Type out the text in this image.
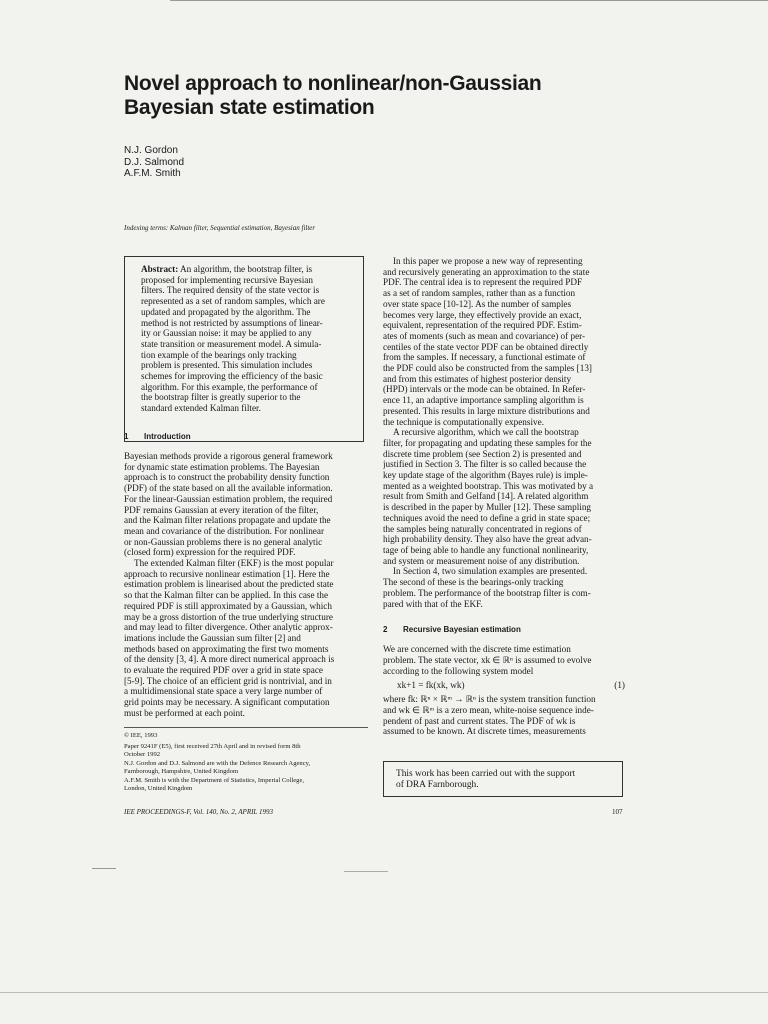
Novel approach to nonlinear/non-Gaussian
Bayesian state estimation
N.J. Gordon
D.J. Salmond
A.F.M. Smith
Indexing terms: Kalman filter, Sequential estimation, Bayesian filter
Abstract: An algorithm, the bootstrap filter, is
proposed for implementing recursive Bayesian
filters. The required density of the state vector is
represented as a set of random samples, which are
updated and propagated by the algorithm. The
method is not restricted by assumptions of linear-
ity or Gaussian noise: it may be applied to any
state transition or measurement model. A simula-
tion example of the bearings only tracking
problem is presented. This simulation includes
schemes for improving the efficiency of the basic
algorithm. For this example, the performance of
the bootstrap filter is greatly superior to the
standard extended Kalman filter.
1 Introduction
Bayesian methods provide a rigorous general framework
for dynamic state estimation problems. The Bayesian
approach is to construct the probability density function
(PDF) of the state based on all the available information.
For the linear-Gaussian estimation problem, the required
PDF remains Gaussian at every iteration of the filter,
and the Kalman filter relations propagate and update the
mean and covariance of the distribution. For nonlinear
or non-Gaussian problems there is no general analytic
(closed form) expression for the required PDF.
The extended Kalman filter (EKF) is the most popular
approach to recursive nonlinear estimation [1]. Here the
estimation problem is linearised about the predicted state
so that the Kalman filter can be applied. In this case the
required PDF is still approximated by a Gaussian, which
may be a gross distortion of the true underlying structure
and may lead to filter divergence. Other analytic approx-
imations include the Gaussian sum filter [2] and
methods based on approximating the first two moments
of the density [3, 4]. A more direct numerical approach is
to evaluate the required PDF over a grid in state space
[5-9]. The choice of an efficient grid is nontrivial, and in
a multidimensional state space a very large number of
grid points may be necessary. A significant computation
must be performed at each point.
© IEE, 1993
Paper 9241F (E5), first received 27th April and in revised form 8th
October 1992
N.J. Gordon and D.J. Salmond are with the Defence Research Agency,
Farnborough, Hampshire, United Kingdom
A.F.M. Smith is with the Department of Statistics, Imperial College,
London, United Kingdom
IEE PROCEEDINGS-F, Vol. 140, No. 2, APRIL 1993	107
In this paper we propose a new way of representing
and recursively generating an approximation to the state
PDF. The central idea is to represent the required PDF
as a set of random samples, rather than as a function
over state space [10-12]. As the number of samples
becomes very large, they effectively provide an exact,
equivalent, representation of the required PDF. Estim-
ates of moments (such as mean and covariance) of per-
centiles of the state vector PDF can be obtained directly
from the samples. If necessary, a functional estimate of
the PDF could also be constructed from the samples [13]
and from this estimates of highest posterior density
(HPD) intervals or the mode can be obtained. In Refer-
ence 11, an adaptive importance sampling algorithm is
presented. This results in large mixture distributions and
the technique is computationally expensive.
A recursive algorithm, which we call the bootstrap
filter, for propagating and updating these samples for the
discrete time problem (see Section 2) is presented and
justified in Section 3. The filter is so called because the
key update stage of the algorithm (Bayes rule) is imple-
mented as a weighted bootstrap. This was motivated by a
result from Smith and Gelfand [14]. A related algorithm
is described in the paper by Muller [12]. These sampling
techniques avoid the need to define a grid in state space;
the samples being naturally concentrated in regions of
high probability density. They also have the great advan-
tage of being able to handle any functional nonlinearity,
and system or measurement noise of any distribution.
In Section 4, two simulation examples are presented.
The second of these is the bearings-only tracking
problem. The performance of the bootstrap filter is com-
pared with that of the EKF.
2 Recursive Bayesian estimation
We are concerned with the discrete time estimation
problem. The state vector, xk ∈ ℝⁿ is assumed to evolve
according to the following system model
xk+1 = fk(xk, wk)	(1)
where fk: ℝⁿ × ℝᵐ → ℝⁿ is the system transition function
and wk ∈ ℝᵐ is a zero mean, white-noise sequence inde-
pendent of past and current states. The PDF of wk is
assumed to be known. At discrete times, measurements
This work has been carried out with the support
of DRA Farnborough.
